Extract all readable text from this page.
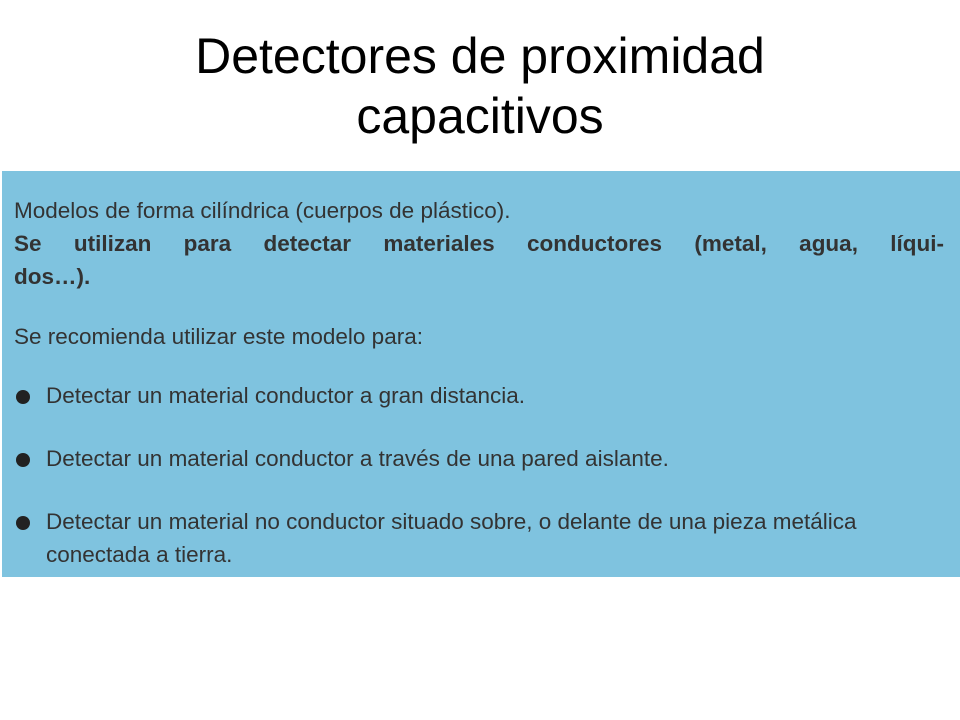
Detectores de proximidad
capacitivos

Modelos de forma cilíndrica (cuerpos de plástico).

Se utilizan para detectar materiales conductores (metal, agua, líqui-
dos…).

Se recomienda utilizar este modelo para:

Detectar un material conductor a gran distancia.
Detectar un material conductor a través de una pared aislante.
Detectar un material no conductor situado sobre, o delante de una pieza metálica conectada a tierra.
